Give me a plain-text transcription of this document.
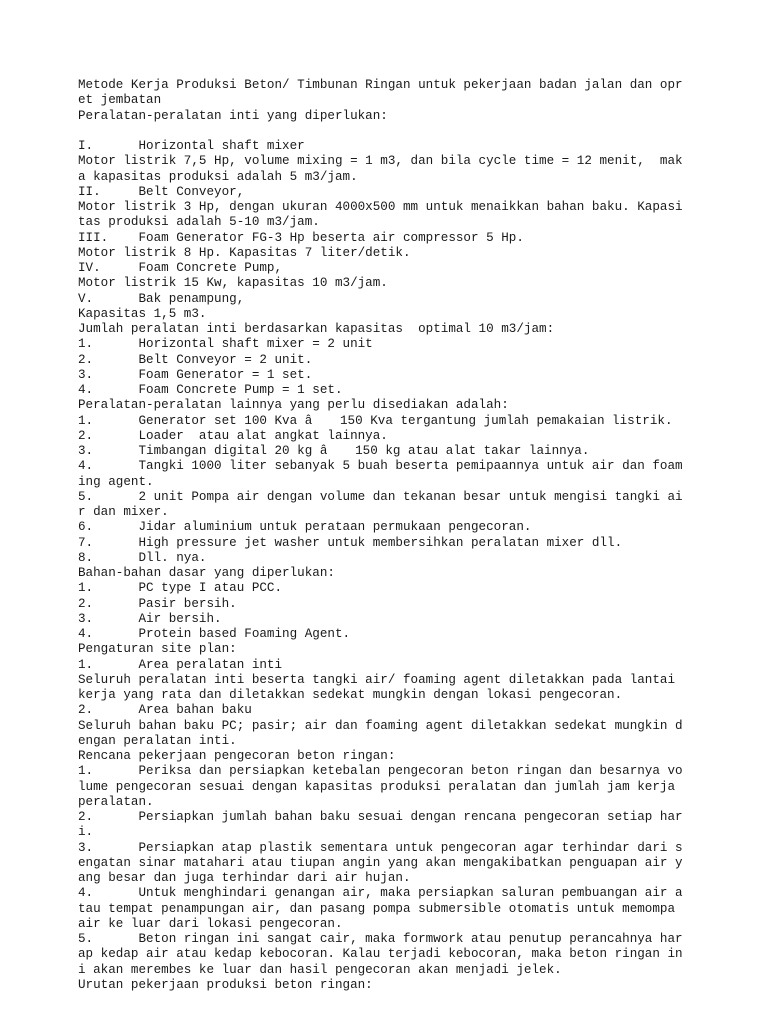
Metode Kerja Produksi Beton/ Timbunan Ringan untuk pekerjaan badan jalan dan opr
et jembatan
Peralatan-peralatan inti yang diperlukan:
I.      Horizontal shaft mixer
Motor listrik 7,5 Hp, volume mixing = 1 m3, dan bila cycle time = 12 menit,  mak
a kapasitas produksi adalah 5 m3/jam.
II.     Belt Conveyor,
Motor listrik 3 Hp, dengan ukuran 4000x500 mm untuk menaikkan bahan baku. Kapasi
tas produksi adalah 5-10 m3/jam.
III.    Foam Generator FG-3 Hp beserta air compressor 5 Hp.
Motor listrik 8 Hp. Kapasitas 7 liter/detik.
IV.     Foam Concrete Pump,
Motor listrik 15 Kw, kapasitas 10 m3/jam.
V.      Bak penampung,
Kapasitas 1,5 m3.
Jumlah peralatan inti berdasarkan kapasitas  optimal 10 m3/jam:
1.      Horizontal shaft mixer = 2 unit
2.      Belt Conveyor = 2 unit.
3.      Foam Generator = 1 set.
4.      Foam Concrete Pump = 1 set.
Peralatan-peralatan lainnya yang perlu disediakan adalah:
1.      Generator set 100 Kva â 150 Kva tergantung jumlah pemakaian listrik.
2.      Loader  atau alat angkat lainnya.
3.      Timbangan digital 20 kg â 150 kg atau alat takar lainnya.
4.      Tangki 1000 liter sebanyak 5 buah beserta pemipaannya untuk air dan foam
ing agent.
5.      2 unit Pompa air dengan volume dan tekanan besar untuk mengisi tangki ai
r dan mixer.
6.      Jidar aluminium untuk perataan permukaan pengecoran.
7.      High pressure jet washer untuk membersihkan peralatan mixer dll.
8.      Dll. nya.
Bahan-bahan dasar yang diperlukan:
1.      PC type I atau PCC.
2.      Pasir bersih.
3.      Air bersih.
4.      Protein based Foaming Agent.
Pengaturan site plan:
1.      Area peralatan inti
Seluruh peralatan inti beserta tangki air/ foaming agent diletakkan pada lantai
kerja yang rata dan diletakkan sedekat mungkin dengan lokasi pengecoran.
2.      Area bahan baku
Seluruh bahan baku PC; pasir; air dan foaming agent diletakkan sedekat mungkin d
engan peralatan inti.
Rencana pekerjaan pengecoran beton ringan:
1.      Periksa dan persiapkan ketebalan pengecoran beton ringan dan besarnya vo
lume pengecoran sesuai dengan kapasitas produksi peralatan dan jumlah jam kerja
peralatan.
2.      Persiapkan jumlah bahan baku sesuai dengan rencana pengecoran setiap har
i.
3.      Persiapkan atap plastik sementara untuk pengecoran agar terhindar dari s
engatan sinar matahari atau tiupan angin yang akan mengakibatkan penguapan air y
ang besar dan juga terhindar dari air hujan.
4.      Untuk menghindari genangan air, maka persiapkan saluran pembuangan air a
tau tempat penampungan air, dan pasang pompa submersible otomatis untuk memompa
air ke luar dari lokasi pengecoran.
5.      Beton ringan ini sangat cair, maka formwork atau penutup perancahnya har
ap kedap air atau kedap kebocoran. Kalau terjadi kebocoran, maka beton ringan in
i akan merembes ke luar dan hasil pengecoran akan menjadi jelek.
Urutan pekerjaan produksi beton ringan:
